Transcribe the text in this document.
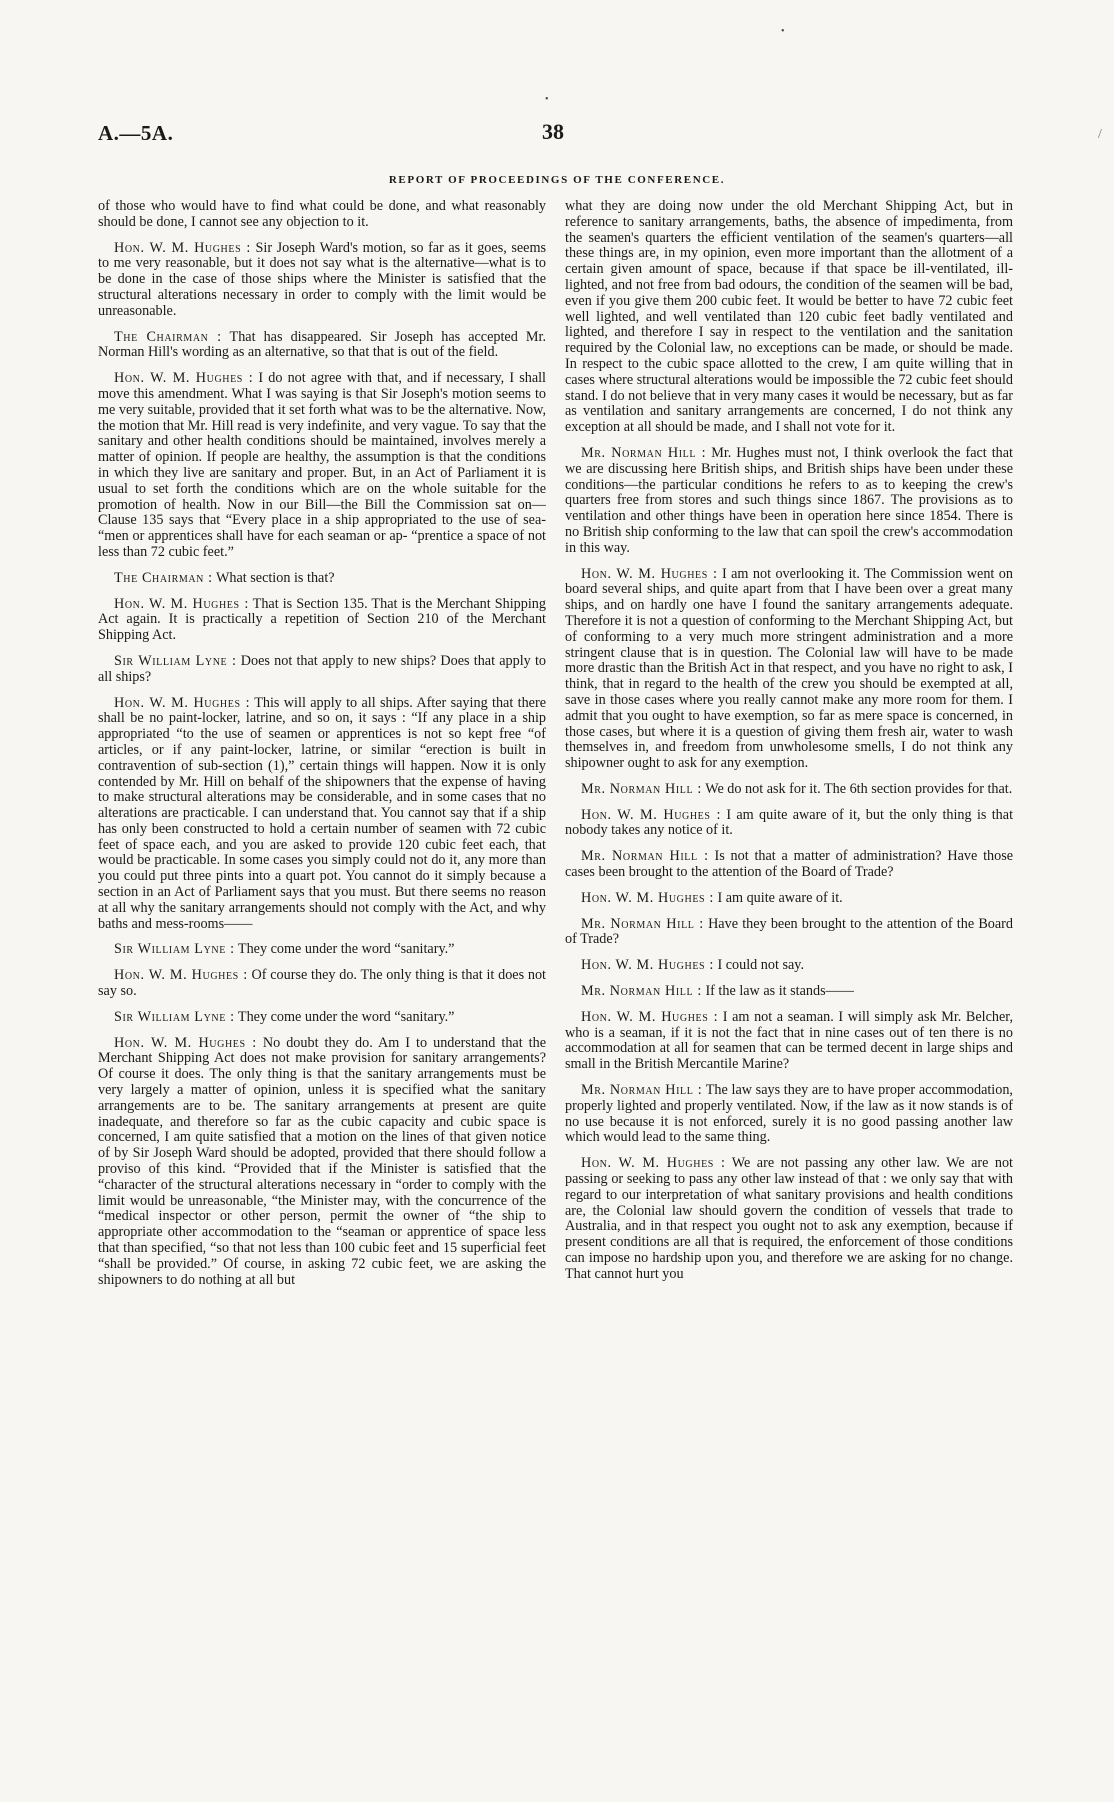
•
•
/
A.—5A.	38
REPORT OF PROCEEDINGS OF THE CONFERENCE.

of those who would have to find what could be done, and what reasonably should be done, I cannot see any objection to it.

Hon. W. M. Hughes : Sir Joseph Ward's motion, so far as it goes, seems to me very reasonable, but it does not say what is the alternative—what is to be done in the case of those ships where the Minister is satisfied that the structural alterations necessary in order to comply with the limit would be unreasonable.

The Chairman : That has disappeared. Sir Joseph has accepted Mr. Norman Hill's wording as an alternative, so that that is out of the field.

Hon. W. M. Hughes : I do not agree with that, and if necessary, I shall move this amendment. What I was saying is that Sir Joseph's motion seems to me very suitable, provided that it set forth what was to be the alternative. Now, the motion that Mr. Hill read is very indefinite, and very vague. To say that the sanitary and other health conditions should be maintained, involves merely a matter of opinion. If people are healthy, the assumption is that the conditions in which they live are sanitary and proper. But, in an Act of Parliament it is usual to set forth the conditions which are on the whole suitable for the promotion of health. Now in our Bill—the Bill the Commission sat on—Clause 135 says that “Every place in a ship appropriated to the use of sea- “men or apprentices shall have for each seaman or ap- “prentice a space of not less than 72 cubic feet.”

The Chairman : What section is that?

Hon. W. M. Hughes : That is Section 135. That is the Merchant Shipping Act again. It is practically a repetition of Section 210 of the Merchant Shipping Act.

Sir William Lyne : Does not that apply to new ships? Does that apply to all ships?

Hon. W. M. Hughes : This will apply to all ships. After saying that there shall be no paint-locker, latrine, and so on, it says : “If any place in a ship appropriated “to the use of seamen or apprentices is not so kept free “of articles, or if any paint-locker, latrine, or similar “erection is built in contravention of sub-section (1),” certain things will happen. Now it is only contended by Mr. Hill on behalf of the shipowners that the expense of having to make structural alterations may be considerable, and in some cases that no alterations are practicable. I can understand that. You cannot say that if a ship has only been constructed to hold a certain number of seamen with 72 cubic feet of space each, and you are asked to provide 120 cubic feet each, that would be practicable. In some cases you simply could not do it, any more than you could put three pints into a quart pot. You cannot do it simply because a section in an Act of Parliament says that you must. But there seems no reason at all why the sanitary arrangements should not comply with the Act, and why baths and mess-rooms——

Sir William Lyne : They come under the word “sanitary.”

Hon. W. M. Hughes : Of course they do. The only thing is that it does not say so.

Sir William Lyne : They come under the word “sanitary.”

Hon. W. M. Hughes : No doubt they do. Am I to understand that the Merchant Shipping Act does not make provision for sanitary arrangements? Of course it does. The only thing is that the sanitary arrangements must be very largely a matter of opinion, unless it is specified what the sanitary arrangements are to be. The sanitary arrangements at present are quite inadequate, and therefore so far as the cubic capacity and cubic space is concerned, I am quite satisfied that a motion on the lines of that given notice of by Sir Joseph Ward should be adopted, provided that there should follow a proviso of this kind. “Provided that if the Minister is satisfied that the “character of the structural alterations necessary in “order to comply with the limit would be unreasonable, “the Minister may, with the concurrence of the “medical inspector or other person, permit the owner of “the ship to appropriate other accommodation to the “seaman or apprentice of space less that than specified, “so that not less than 100 cubic feet and 15 superficial feet “shall be provided.” Of course, in asking 72 cubic feet, we are asking the shipowners to do nothing at all but

what they are doing now under the old Merchant Shipping Act, but in reference to sanitary arrangements, baths, the absence of impedimenta, from the seamen's quarters the efficient ventilation of the seamen's quarters—all these things are, in my opinion, even more important than the allotment of a certain given amount of space, because if that space be ill-ventilated, ill-lighted, and not free from bad odours, the condition of the seamen will be bad, even if you give them 200 cubic feet. It would be better to have 72 cubic feet well lighted, and well ventilated than 120 cubic feet badly ventilated and lighted, and therefore I say in respect to the ventilation and the sanitation required by the Colonial law, no exceptions can be made, or should be made. In respect to the cubic space allotted to the crew, I am quite willing that in cases where structural alterations would be impossible the 72 cubic feet should stand. I do not believe that in very many cases it would be necessary, but as far as ventilation and sanitary arrangements are concerned, I do not think any exception at all should be made, and I shall not vote for it.

Mr. Norman Hill : Mr. Hughes must not, I think overlook the fact that we are discussing here British ships, and British ships have been under these conditions—the particular conditions he refers to as to keeping the crew's quarters free from stores and such things since 1867. The provisions as to ventilation and other things have been in operation here since 1854. There is no British ship conforming to the law that can spoil the crew's accommodation in this way.

Hon. W. M. Hughes : I am not overlooking it. The Commission went on board several ships, and quite apart from that I have been over a great many ships, and on hardly one have I found the sanitary arrangements adequate. Therefore it is not a question of conforming to the Merchant Shipping Act, but of conforming to a very much more stringent administration and a more stringent clause that is in question. The Colonial law will have to be made more drastic than the British Act in that respect, and you have no right to ask, I think, that in regard to the health of the crew you should be exempted at all, save in those cases where you really cannot make any more room for them. I admit that you ought to have exemption, so far as mere space is concerned, in those cases, but where it is a question of giving them fresh air, water to wash themselves in, and freedom from unwholesome smells, I do not think any shipowner ought to ask for any exemption.

Mr. Norman Hill : We do not ask for it. The 6th section provides for that.

Hon. W. M. Hughes : I am quite aware of it, but the only thing is that nobody takes any notice of it.

Mr. Norman Hill : Is not that a matter of administration? Have those cases been brought to the attention of the Board of Trade?

Hon. W. M. Hughes : I am quite aware of it.

Mr. Norman Hill : Have they been brought to the attention of the Board of Trade?

Hon. W. M. Hughes : I could not say.

Mr. Norman Hill : If the law as it stands——

Hon. W. M. Hughes : I am not a seaman. I will simply ask Mr. Belcher, who is a seaman, if it is not the fact that in nine cases out of ten there is no accommodation at all for seamen that can be termed decent in large ships and small in the British Mercantile Marine?

Mr. Norman Hill : The law says they are to have proper accommodation, properly lighted and properly ventilated. Now, if the law as it now stands is of no use because it is not enforced, surely it is no good passing another law which would lead to the same thing.

Hon. W. M. Hughes : We are not passing any other law. We are not passing or seeking to pass any other law instead of that : we only say that with regard to our interpretation of what sanitary provisions and health conditions are, the Colonial law should govern the condition of vessels that trade to Australia, and in that respect you ought not to ask any exemption, because if present conditions are all that is required, the enforcement of those conditions can impose no hardship upon you, and therefore we are asking for no change. That cannot hurt you
